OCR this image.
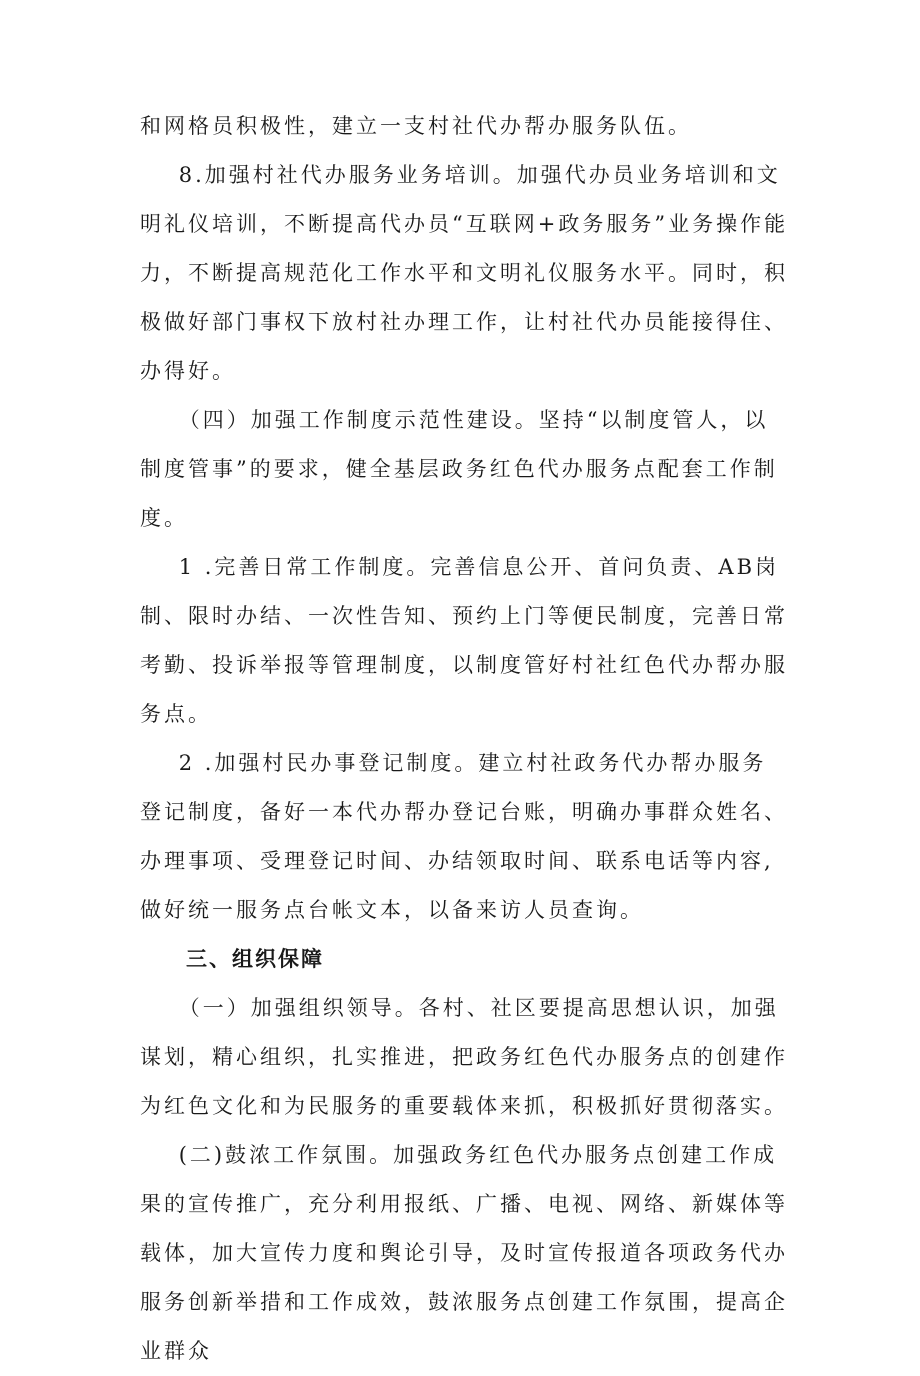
和网格员积极性，建立一支村社代办帮办服务队伍。

8.加强村社代办服务业务培训。加强代办员业务培训和文明礼仪培训，不断提高代办员“互联网+政务服务”业务操作能力，不断提高规范化工作水平和文明礼仪服务水平。同时，积极做好部门事权下放村社办理工作，让村社代办员能接得住、办得好。

（四）加强工作制度示范性建设。坚持“以制度管人，以制度管事”的要求，健全基层政务红色代办服务点配套工作制度。

1 .完善日常工作制度。完善信息公开、首问负责、AB岗制、限时办结、一次性告知、预约上门等便民制度，完善日常考勤、投诉举报等管理制度，以制度管好村社红色代办帮办服务点。

2 .加强村民办事登记制度。建立村社政务代办帮办服务登记制度，备好一本代办帮办登记台账，明确办事群众姓名、办理事项、受理登记时间、办结领取时间、联系电话等内容,做好统一服务点台帐文本，以备来访人员查询。

三、组织保障

（一）加强组织领导。各村、社区要提高思想认识，加强谋划，精心组织，扎实推进，把政务红色代办服务点的创建作为红色文化和为民服务的重要载体来抓，积极抓好贯彻落实。

(二)鼓浓工作氛围。加强政务红色代办服务点创建工作成果的宣传推广，充分利用报纸、广播、电视、网络、新媒体等载体，加大宣传力度和舆论引导，及时宣传报道各项政务代办服务创新举措和工作成效，鼓浓服务点创建工作氛围，提高企业群众
